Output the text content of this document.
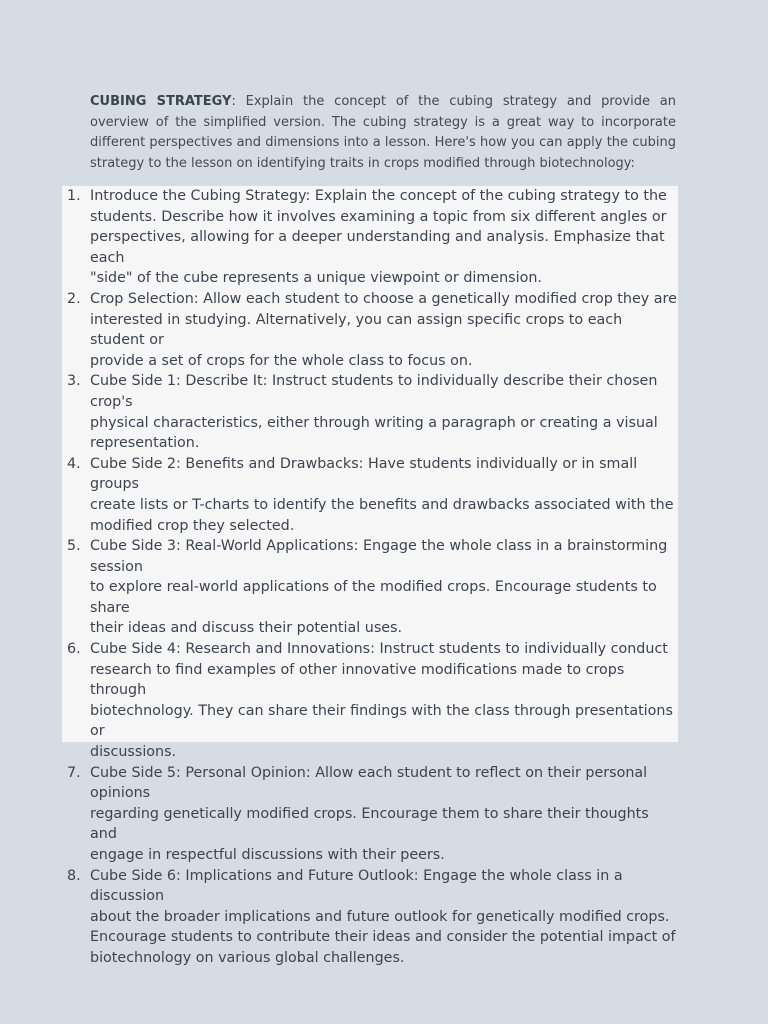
CUBING STRATEGY: Explain the concept of the cubing strategy and provide an overview of the simplified version. The cubing strategy is a great way to incorporate different perspectives and dimensions into a lesson. Here's how you can apply the cubing strategy to the lesson on identifying traits in crops modified through biotechnology:

1. Introduce the Cubing Strategy: Explain the concept of the cubing strategy to the
students. Describe how it involves examining a topic from six different angles or
perspectives, allowing for a deeper understanding and analysis. Emphasize that each
"side" of the cube represents a unique viewpoint or dimension.
2. Crop Selection: Allow each student to choose a genetically modified crop they are
interested in studying. Alternatively, you can assign specific crops to each student or
provide a set of crops for the whole class to focus on.
3. Cube Side 1: Describe It: Instruct students to individually describe their chosen crop's
physical characteristics, either through writing a paragraph or creating a visual
representation.
4. Cube Side 2: Benefits and Drawbacks: Have students individually or in small groups
create lists or T-charts to identify the benefits and drawbacks associated with the
modified crop they selected.
5. Cube Side 3: Real-World Applications: Engage the whole class in a brainstorming session
to explore real-world applications of the modified crops. Encourage students to share
their ideas and discuss their potential uses.
6. Cube Side 4: Research and Innovations: Instruct students to individually conduct
research to find examples of other innovative modifications made to crops through
biotechnology. They can share their findings with the class through presentations or
discussions.
7. Cube Side 5: Personal Opinion: Allow each student to reflect on their personal opinions
regarding genetically modified crops. Encourage them to share their thoughts and
engage in respectful discussions with their peers.
8. Cube Side 6: Implications and Future Outlook: Engage the whole class in a discussion
about the broader implications and future outlook for genetically modified crops.
Encourage students to contribute their ideas and consider the potential impact of
biotechnology on various global challenges.
